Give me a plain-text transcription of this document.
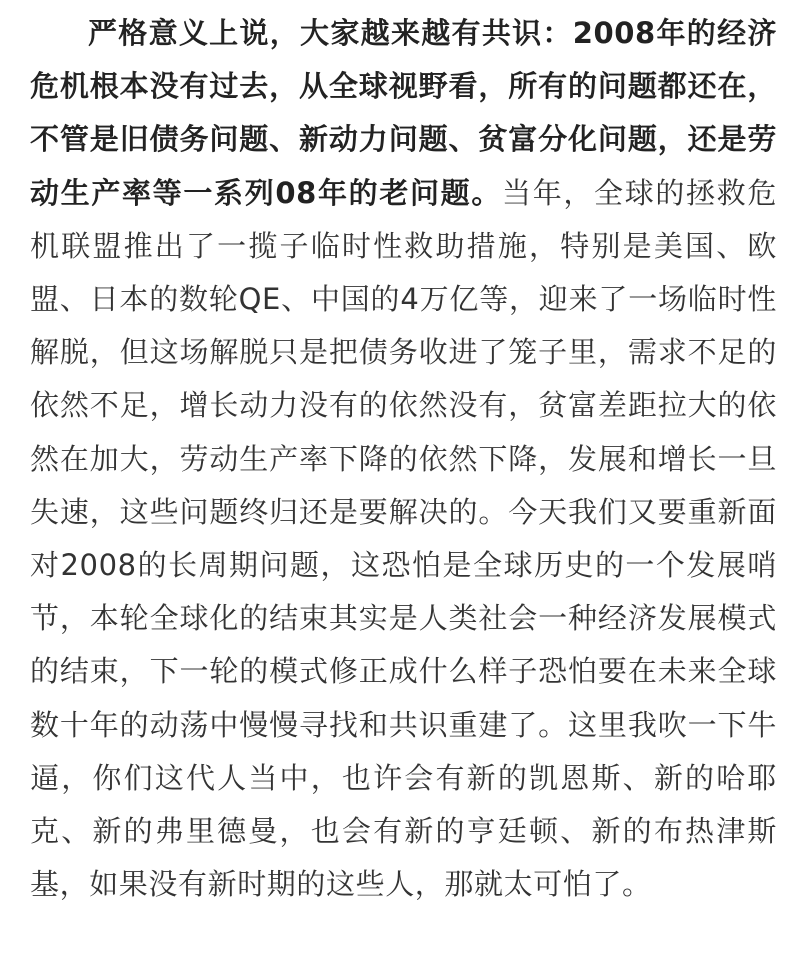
严格意义上说，大家越来越有共识：2008年的经济危机根本没有过去，从全球视野看，所有的问题都还在，不管是旧债务问题、新动力问题、贫富分化问题，还是劳动生产率等一系列08年的老问题。当年，全球的拯救危机联盟推出了一揽子临时性救助措施，特别是美国、欧盟、日本的数轮QE、中国的4万亿等，迎来了一场临时性解脱，但这场解脱只是把债务收进了笼子里，需求不足的依然不足，增长动力没有的依然没有，贫富差距拉大的依然在加大，劳动生产率下降的依然下降，发展和增长一旦失速，这些问题终归还是要解决的。今天我们又要重新面对2008的长周期问题，这恐怕是全球历史的一个发展哨节，本轮全球化的结束其实是人类社会一种经济发展模式的结束，下一轮的模式修正成什么样子恐怕要在未来全球数十年的动荡中慢慢寻找和共识重建了。这里我吹一下牛逼，你们这代人当中，也许会有新的凯恩斯、新的哈耶克、新的弗里德曼，也会有新的亨廷顿、新的布热津斯基，如果没有新时期的这些人，那就太可怕了。
